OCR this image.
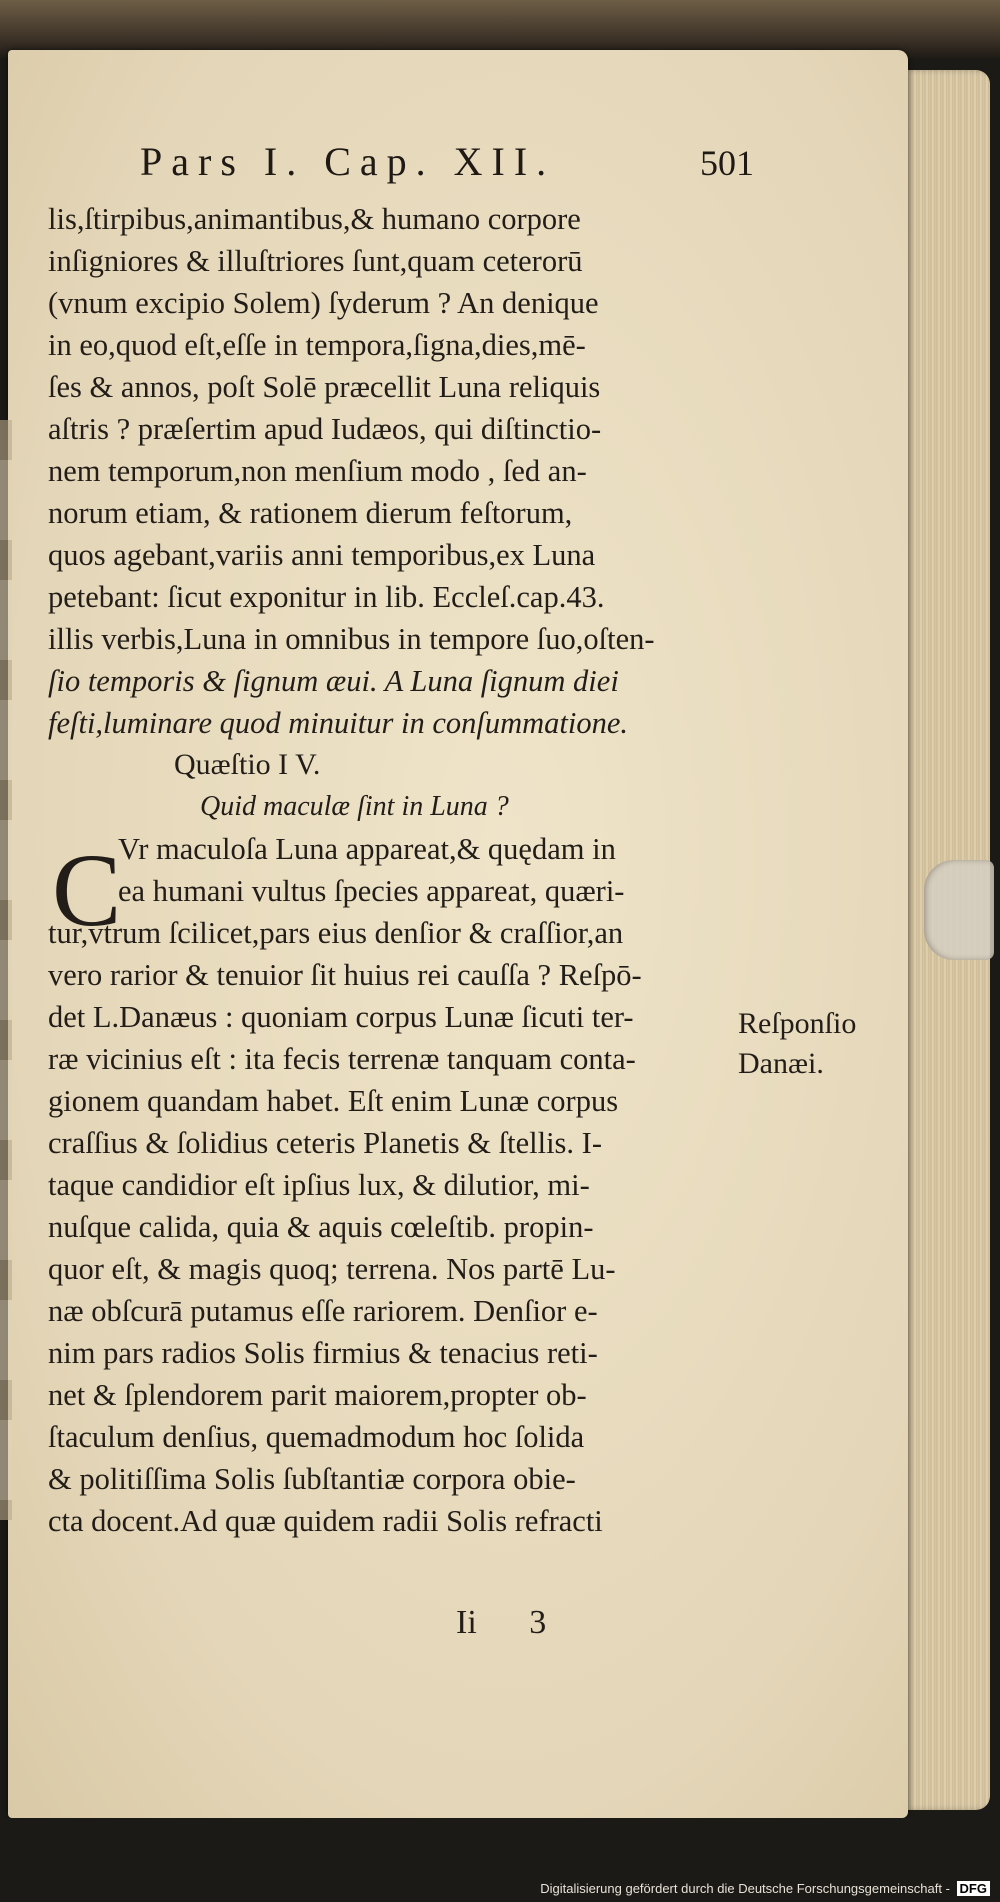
Pars I. Cap. XII.	501
lis,ſtirpibus,animantibus,& humano corpore
inſigniores & illuſtriores ſunt,quam ceterorū
(vnum excipio Solem) ſyderum ? An denique
in eo,quod eſt,eſſe in tempora,ſigna,dies,mē-
ſes & annos, poſt Solē præcellit Luna reliquis
aſtris ? præſertim apud Iudæos, qui diſtinctio-
nem temporum,non menſium modo , ſed an-
norum etiam, & rationem dierum feſtorum,
quos agebant,variis anni temporibus,ex Luna
petebant: ſicut exponitur in lib. Eccleſ.cap.43.
illis verbis,Luna in omnibus in tempore ſuo,oſten-
ſio temporis & ſignum æui. A Luna ſignum diei
feſti,luminare quod minuitur in conſummatione.
Quæſtio I V.
Quid maculæ ſint in Luna ?
Vr maculoſa Luna appareat,& quędam in
ea humani vultus ſpecies appareat, quæri-
tur,vtrum ſcilicet,pars eius denſior & craſſior,an
vero rarior & tenuior ſit huius rei cauſſa ? Reſpō-
det L.Danæus : quoniam corpus Lunæ ſicuti ter-
ræ vicinius eſt : ita fecis terrenæ tanquam conta-
gionem quandam habet. Eſt enim Lunæ corpus
craſſius & ſolidius ceteris Planetis & ſtellis. I-
taque candidior eſt ipſius lux, & dilutior, mi-
nuſque calida, quia & aquis cœleſtib. propin-
quor eſt, & magis quoq; terrena. Nos partē Lu-
næ obſcurā putamus eſſe rariorem. Denſior e-
nim pars radios Solis firmius & tenacius reti-
net & ſplendorem parit maiorem,propter ob-
ſtaculum denſius, quemadmodum hoc ſolida
& politiſſima Solis ſubſtantiæ corpora obie-
cta docent.Ad quæ quidem radii Solis refracti
C
Reſponſio
Danæi.
Ii 3
Digitalisierung gefördert durch die Deutsche Forschungsgemeinschaft - DFG
